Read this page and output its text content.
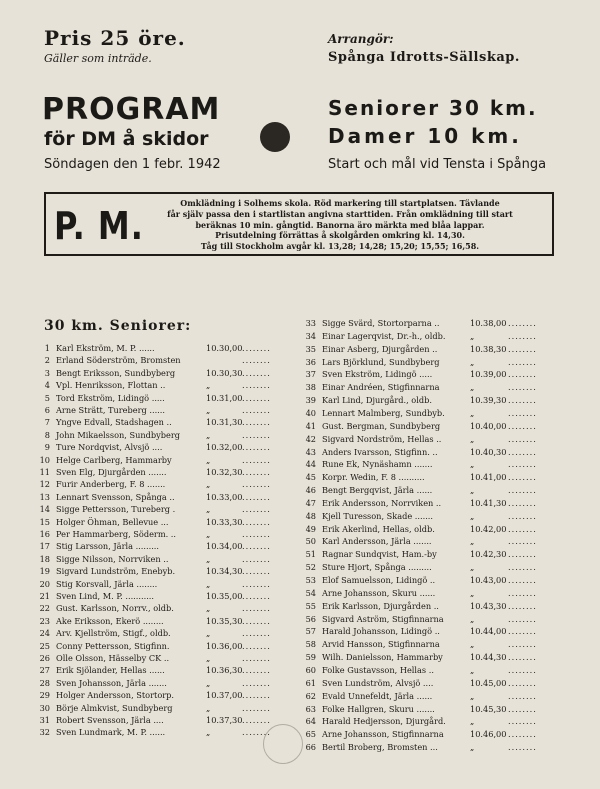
Pris 25 öre.
Gäller som inträde.
Arrangör:
Spånga Idrotts-Sällskap.
PROGRAM
för DM å skidor
Söndagen den 1 febr. 1942
Seniorer 30 km.
Damer 10 km.
Start och mål vid Tensta i Spånga
P. M.	Omklädning i Solhems skola. Röd markering till startplatsen. Tävlande
får själv passa den i startlistan angivna starttiden. Från omklädning till start
beräknas 10 min. gångtid. Banorna äro märkta med blåa lappar.
Prisutdelning förrättas å skolgården omkring kl. 14,30.
Tåg till Stockholm avgår kl. 13,28; 14,28; 15,20; 15,55; 16,58.
30 km. Seniorer:
1 Karl Ekström, M. P. ......	10.30,00 ........
2 Erland Söderström, Bromsten	........
3 Bengt Eriksson, Sundbyberg	10.30,30 ........
4 Vpl. Henriksson, Flottan ..	„	........
5 Tord Ekström, Lidingö .....	10.31,00 ........
6 Arne Strätt, Tureberg ......	„	........
7 Yngve Edvall, Stadshagen ..	10.31,30 ........
8 John Mikaelsson, Sundbyberg	„	........
9 Ture Nordqvist, Alvsjö ....	10.32,00 ........
10 Helge Carlberg, Hammarby	„	........
11 Sven Elg, Djurgården .......	10.32,30 ........
12 Furir Anderberg, F. 8 .......	„	........
13 Lennart Svensson, Spånga ..	10.33,00 ........
14 Sigge Pettersson, Tureberg .	„	........
15 Holger Öhman, Bellevue ...	10.33,30 ........
16 Per Hammarberg, Söderm. ..	„	........
17 Stig Larsson, Järla .........	10.34,00 ........
18 Sigge Nilsson, Norrviken ..	„	........
19 Sigvard Lundström, Enebyb.	10.34,30 ........
20 Stig Korsvall, Järla ........	„	........
21 Sven Lind, M. P. ...........	10.35,00 ........
22 Gust. Karlsson, Norrv., oldb.	„	........
23 Ake Eriksson, Ekerö ........	10.35,30 ........
24 Arv. Kjellström, Stigf., oldb.	„	........
25 Conny Pettersson, Stigfinn.	10.36,00 ........
26 Olle Olsson, Hässelby CK ..	„	........
27 Erik Sjölander, Hellas ......	10.36,30 ........
28 Sven Johansson, Järla .......	„	........
29 Holger Andersson, Stortorp.	10.37,00 ........
30 Börje Almkvist, Sundbyberg	„	........
31 Robert Svensson, Järla ....	10.37,30 ........
32 Sven Lundmark, M. P. ......	„	........
33 Sigge Svärd, Stortorparna ..	10.38,00 ........
34 Einar Lagerqvist, Dr.-h., oldb.	„	........
35 Einar Asberg, Djurgården ..	10.38,30 ........
36 Lars Björklund, Sundbyberg	„	........
37 Sven Ekström, Lidingö .....	10.39,00 ........
38 Einar Andréen, Stigfinnarna	„	........
39 Karl Lind, Djurgård., oldb.	10.39,30 ........
40 Lennart Malmberg, Sundbyb.	„	........
41 Gust. Bergman, Sundbyberg	10.40,00 ........
42 Sigvard Nordström, Hellas ..	„	........
43 Anders Ivarsson, Stigfinn. ..	10.40,30 ........
44 Rune Ek, Nynäshamn .......	„	........
45 Korpr. Wedin, F. 8 ..........	10.41,00 ........
46 Bengt Bergqvist, Järla ......	„	........
47 Erik Andersson, Norrviken ..	10.41,30 ........
48 Kjell Turesson, Skade .......	„	........
49 Erik Akerlind, Hellas, oldb.	10.42,00 ........
50 Karl Andersson, Järla .......	„	........
51 Ragnar Sundqvist, Ham.-by	10.42,30 ........
52 Sture Hjort, Spånga .........	„	........
53 Elof Samuelsson, Lidingö ..	10.43,00 ........
54 Arne Johansson, Skuru ......	„	........
55 Erik Karlsson, Djurgården ..	10.43,30 ........
56 Sigvard Aström, Stigfinnarna	„	........
57 Harald Johansson, Lidingö ..	10.44,00 ........
58 Arvid Hansson, Stigfinnarna	„	........
59 Wilh. Danielsson, Hammarby	10.44,30 ........
60 Folke Gustavsson, Hellas ..	„	........
61 Sven Lundström, Alvsjö ....	10.45,00 ........
62 Evald Unnefeldt, Järla ......	„	........
63 Folke Hallgren, Skuru .......	10.45,30 ........
64 Harald Hedjersson, Djurgård.	„	........
65 Arne Johansson, Stigfinnarna	10.46,00 ........
66 Bertil Broberg, Bromsten ...	„	........
